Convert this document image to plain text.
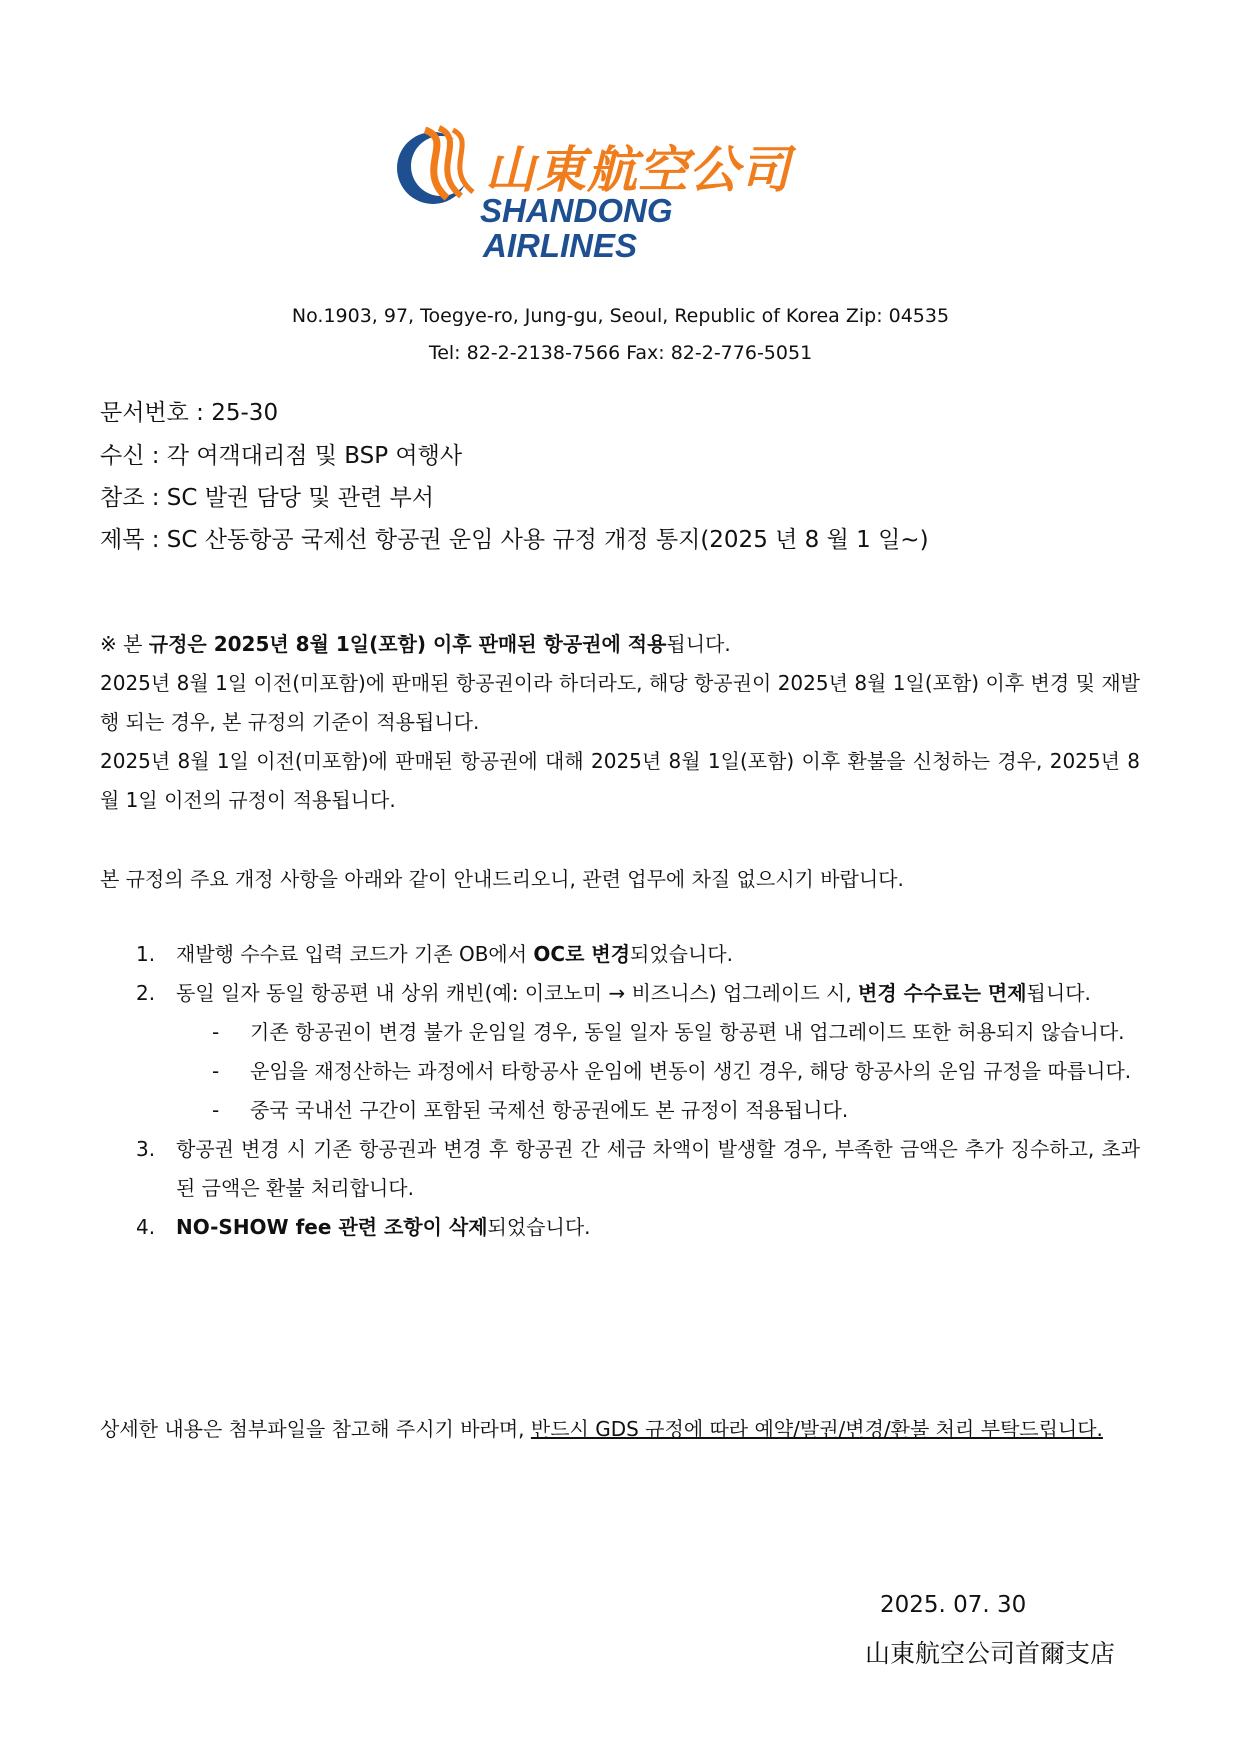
山東航空公司
SHANDONG
AIRLINES
No.1903, 97, Toegye-ro, Jung-gu, Seoul, Republic of Korea Zip: 04535
Tel: 82-2-2138-7566 Fax: 82-2-776-5051
문서번호 : 25-30
수신 : 각 여객대리점 및 BSP 여행사
참조 : SC 발권 담당 및 관련 부서
제목 : SC 산동항공 국제선 항공권 운임 사용 규정 개정 통지(2025 년 8 월 1 일~)
※ 본 규정은 2025년 8월 1일(포함) 이후 판매된 항공권에 적용됩니다.
2025년 8월 1일 이전(미포함)에 판매된 항공권이라 하더라도, 해당 항공권이 2025년 8월 1일(포함) 이후 변경 및 재발행 되는 경우, 본 규정의 기준이 적용됩니다.
2025년 8월 1일 이전(미포함)에 판매된 항공권에 대해 2025년 8월 1일(포함) 이후 환불을 신청하는 경우, 2025년 8월 1일 이전의 규정이 적용됩니다.
본 규정의 주요 개정 사항을 아래와 같이 안내드리오니, 관련 업무에 차질 없으시기 바랍니다.
1. 재발행 수수료 입력 코드가 기존 OB에서 OC로 변경되었습니다.
2. 동일 일자 동일 항공편 내 상위 캐빈(예: 이코노미 → 비즈니스) 업그레이드 시, 변경 수수료는 면제됩니다.
- 기존 항공권이 변경 불가 운임일 경우, 동일 일자 동일 항공편 내 업그레이드 또한 허용되지 않습니다.
- 운임을 재정산하는 과정에서 타항공사 운임에 변동이 생긴 경우, 해당 항공사의 운임 규정을 따릅니다.
- 중국 국내선 구간이 포함된 국제선 항공권에도 본 규정이 적용됩니다.
3. 항공권 변경 시 기존 항공권과 변경 후 항공권 간 세금 차액이 발생할 경우, 부족한 금액은 추가 징수하고, 초과된 금액은 환불 처리합니다.
4. NO-SHOW fee 관련 조항이 삭제되었습니다.
상세한 내용은 첨부파일을 참고해 주시기 바라며, 반드시 GDS 규정에 따라 예약/발권/변경/환불 처리 부탁드립니다.
2025. 07. 30
山東航空公司首爾支店
